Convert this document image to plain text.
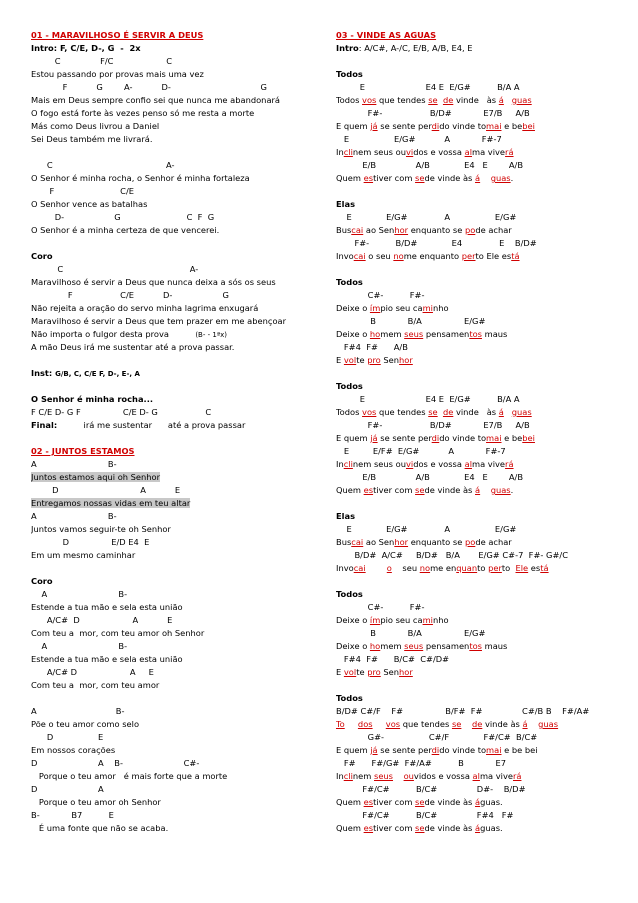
01 - MARAVILHOSO É SERVIR A DEUS
Intro: F, C/E, D-, G  -  2x
C               F/C                    C
Estou passando por provas mais uma vez
F           G        A-           D-                                  G
Mais em Deus sempre confio sei que nunca me abandonará
O fogo está forte às vezes penso só me resta a morte
Más como Deus livrou a Daniel
Sei Deus também me livrará.
C                                           A-
O Senhor é minha rocha, o Senhor é minha fortaleza
F                         C/E
O Senhor vence as batalhas
D-                   G                         C  F  G
O Senhor é a minha certeza de que vencerei.
Coro
C                                                A-
Maravilhoso é servir a Deus que nunca deixa a sós os seus
F                  C/E           D-                   G
Não rejeita a oração do servo minha lagrima enxugará
Maravilhoso é servir a Deus que tem prazer em me abençoar
Não importa o fulgor desta prova          (B- - 1ªx)
A mão Deus irá me sustentar até a prova passar.
Inst: G/B, C, C/E F, D-, E-, A
O Senhor é minha rocha...
F C/E D- G F                C/E D- G                  C
Final:          irá me sustentar      até a prova passar
02 - JUNTOS ESTAMOS
A                           B-
Juntos estamos aqui oh Senhor
D                               A           E
Entregamos nossas vidas em teu altar
A                           B-
Juntos vamos seguir-te oh Senhor
D                E/D E4  E
Em um mesmo caminhar
Coro
A                           B-
Estende a tua mão e sela esta união
A/C#  D                    A           E
Com teu a  mor, com teu amor oh Senhor
A                           B-
Estende a tua mão e sela esta união
A/C# D                    A     E
Com teu a  mor, com teu amor
A                              B-
Põe o teu amor como selo
D                 E
Em nossos corações
D                       A    B-                       C#-
Porque o teu amor   é mais forte que a morte
D                       A
Porque o teu amor oh Senhor
B-            B7          E
É uma fonte que não se acaba.
03 - VINDE AS AGUAS
Intro: A/C#, A-/C, E/B, A/B, E4, E
Todos
E                       E4 E  E/G#          B/A A
Todos vos que tendes se de vinde   às á guas
F#-                  B/D#            E7/B     A/B
E quem já se sente perdido vinde tomai e bebei
E                 E/G#           A            F#-7
Inclinem seus ouvidos e vossa alma viverá
E/B               A/B             E4   E        A/B
Quem estiver com sede vinde às á guas.
Elas
E             E/G#              A                 E/G#
Buscai ao Senhor enquanto se pode achar
F#-          B/D#             E4              E    B/D#
Invocai o seu nome enquanto perto Ele está
Todos
C#-          F#-
Deixe o ímpio seu caminho
B            B/A                E/G#
Deixe o homem seus pensamentos maus
F#4  F#      A/B
E volte pro Senhor
Todos
E                       E4 E  E/G#          B/A A
Todos vos que tendes se de vinde   às á guas
F#-                  B/D#            E7/B     A/B
E quem já se sente perdido vinde tomai e bebei
E         E/F#  E/G#           A            F#-7
Inclinem seus ouvidos e vossa alma viverá
E/B               A/B             E4   E        A/B
Quem estiver com sede vinde às á guas.
Elas
E             E/G#              A                 E/G#
Buscai ao Senhor enquanto se pode achar
B/D#  A/C#     B/D#   B/A       E/G# C#-7  F#- G#/C
Invocai	o    seu nome enquanto perto  Ele está
Todos
C#-          F#-
Deixe o ímpio seu caminho
B            B/A                E/G#
Deixe o homem seus pensamentos maus
F#4  F#      B/C#  C#/D#
E volte pro Senhor
Todos
B/D# C#/F    F#                B/F#  F#               C#/B B    F#/A#
To dos vos que tendes se de vinde às á guas
G#-                 C#/F             F#/C#  B/C#
E quem já se sente perdido vinde tomai e be bei
F#      F#/G#  F#/A#          B            E7
Inclinem seus ouvidos e vossa alma viverá
F#/C#          B/C#               D#-    B/D#
Quem estiver com sede vinde às águas.
F#/C#          B/C#               F#4   F#
Quem estiver com sede vinde às águas.
